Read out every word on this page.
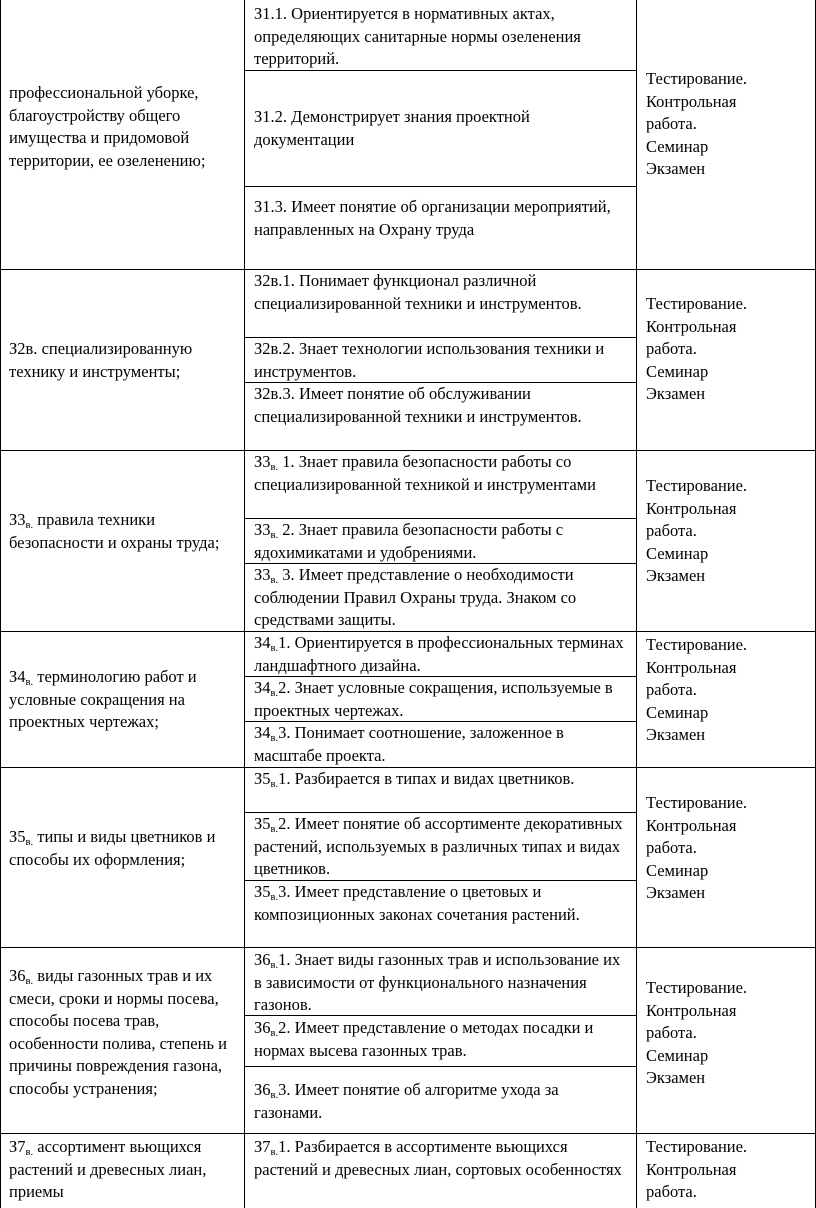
профессиональной уборке, благоустройству общего имущества и придомовой территории, ее озеленению;
З1.1. Ориентируется в нормативных актах, определяющих санитарные нормы озеленения территорий.
З1.2. Демонстрирует знания проектной документации
З1.3. Имеет понятие об организации мероприятий, направленных на Охрану труда
Тестирование.
Контрольная
работа.
Семинар
Экзамен
З2в. специализированную технику и инструменты;
З2в.1. Понимает функционал различной специализированной техники и инструментов.
З2в.2. Знает технологии использования техники и инструментов.
З2в.3. Имеет понятие об обслуживании специализированной техники и инструментов.
Тестирование.
Контрольная
работа.
Семинар
Экзамен
$З3_{в.}$ правила техники безопасности и охраны труда;
$З3_{в.}$ 1. Знает правила безопасности работы со специализированной техникой и инструментами
$З3_{в.}$ 2. Знает правила безопасности работы с ядохимикатами и удобрениями.
$З3_{в.}$ 3. Имеет представление о необходимости соблюдении Правил Охраны труда. Знаком со средствами защиты.
Тестирование.
Контрольная
работа.
Семинар
Экзамен
$З4_{в.}$ терминологию работ и условные сокращения на проектных чертежах;
$З4_{в.}1$. Ориентируется в профессиональных терминах ландшафтного дизайна.
$З4_{в.}2$. Знает условные сокращения, используемые в проектных чертежах.
$З4_{в.}3$. Понимает соотношение, заложенное в масштабе проекта.
Тестирование.
Контрольная
работа.
Семинар
Экзамен
$З5_{в.}$ типы и виды цветников и способы их оформления;
$З5_{в.}1$. Разбирается в типах и видах цветников.
$З5_{в.}2$. Имеет понятие об ассортименте декоративных растений, используемых в различных типах и видах цветников.
$З5_{в.}3$. Имеет представление о цветовых и композиционных законах сочетания растений.
Тестирование.
Контрольная
работа.
Семинар
Экзамен
$З6_{в.}$ виды газонных трав и их смеси, сроки и нормы посева, способы посева трав, особенности полива, степень и причины повреждения газона, способы устранения;
$З6_{в.}1$. Знает виды газонных трав и использование их в зависимости от функционального назначения газонов.
$З6_{в.}2$. Имеет представление о методах посадки и нормах высева газонных трав.
$З6_{в.}3$. Имеет понятие об алгоритме ухода за газонами.
Тестирование.
Контрольная
работа.
Семинар
Экзамен
$З7_{в.}$ ассортимент вьющихся растений и древесных лиан, приемы
$З7_{в.}1$. Разбирается в ассортименте вьющихся растений и древесных лиан, сортовых особенностях
Тестирование.
Контрольная
работа.
